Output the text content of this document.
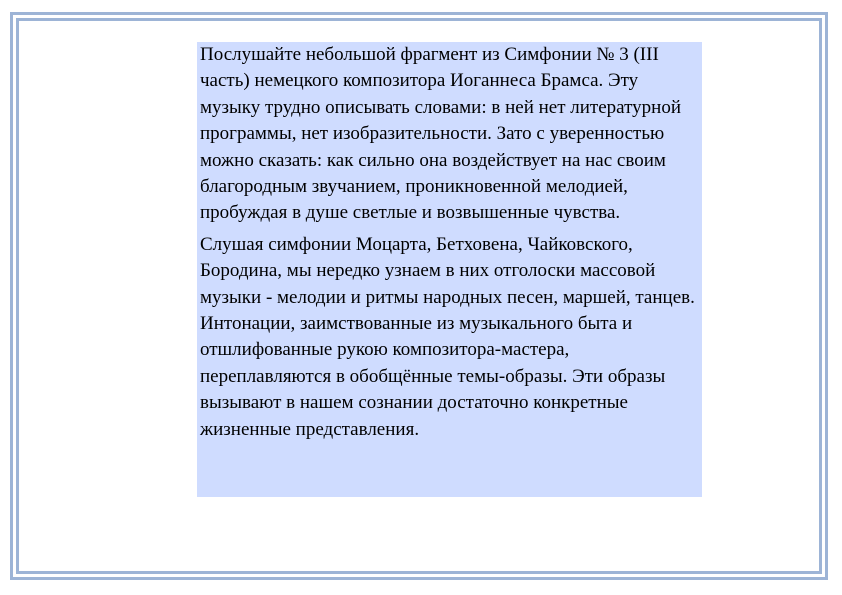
Послушайте небольшой фрагмент из Симфонии № 3 (III часть) немецкого композитора Иоганнеса Брамса. Эту музыку трудно описывать словами: в ней нет литературной программы, нет изобразительности. Зато с уверенностью можно сказать: как сильно она воздействует на нас своим благородным звучанием, проникновенной мелодией, пробуждая в душе светлые и возвышенные чувства.

Слушая симфонии Моцарта, Бетховена, Чайковского, Бородина, мы нередко узнаем в них отголоски массовой музыки - мелодии и ритмы народных песен, маршей, танцев. Интонации, заимствованные из музыкального быта и отшлифованные рукою композитора-мастера, переплавляются в обобщённые темы-образы. Эти образы вызывают в нашем сознании достаточно конкретные жизненные представления.
